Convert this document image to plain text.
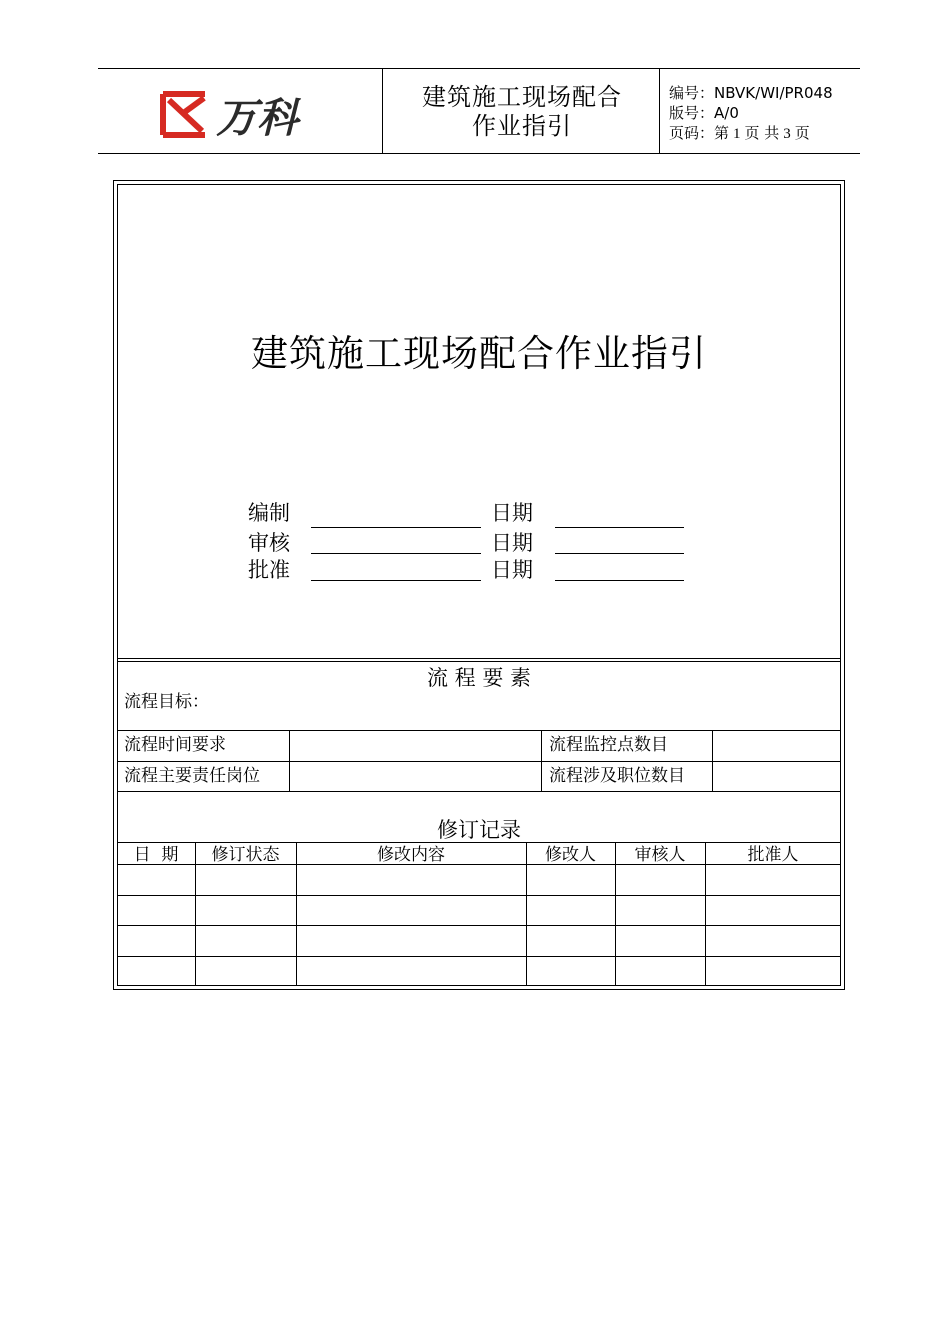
万科	建筑施工现场配合
作业指引
编号：NBVK/WI/PR048
版号：A/0
页码：第 1 页 共 3 页
建筑施工现场配合作业指引
编制	日期
审核	日期
批准	日期
流 程 要 素
流程目标：
流程时间要求	流程监控点数目
流程主要责任岗位	流程涉及职位数目
修订记录
日  期	修订状态	修改内容	修改人	审核人	批准人
